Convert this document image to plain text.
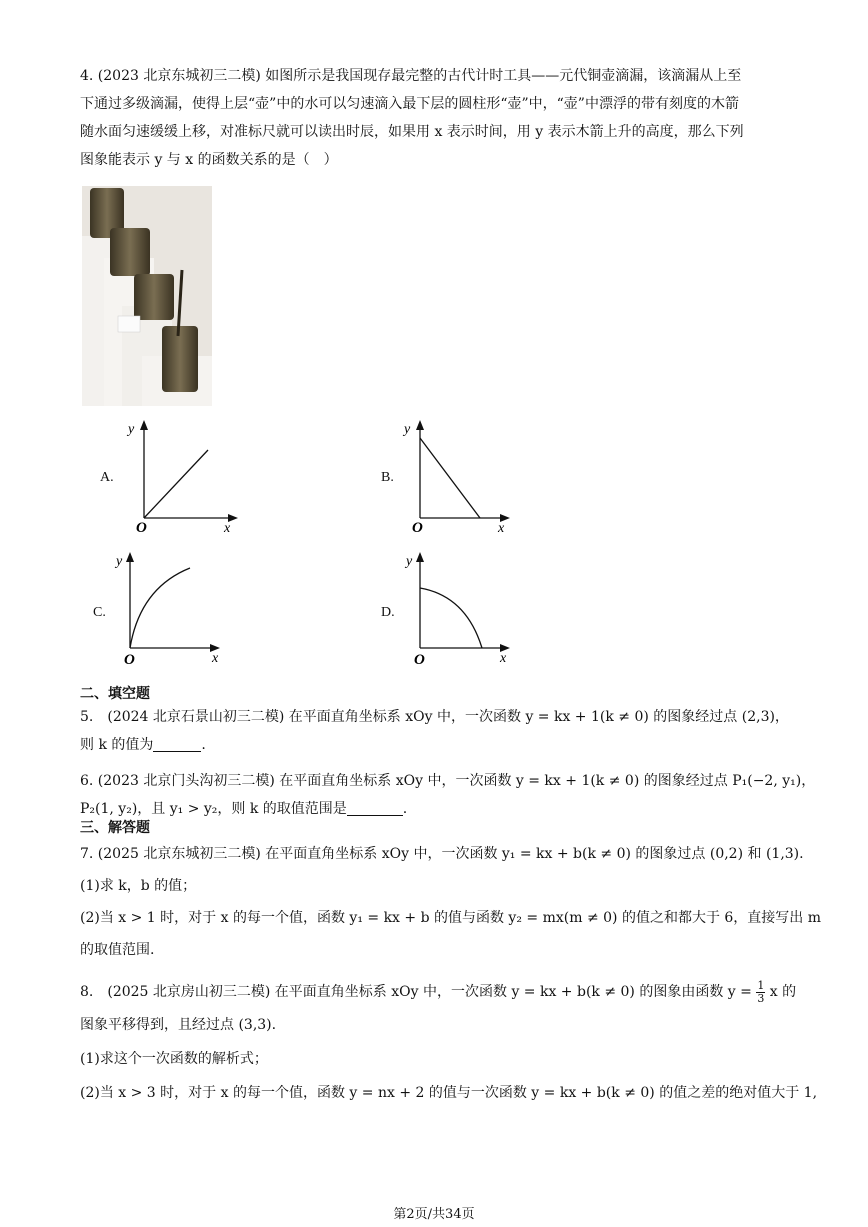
4. (2023 北京东城初三二模) 如图所示是我国现存最完整的古代计时工具——元代铜壶滴漏，该滴漏从上至
下通过多级滴漏，使得上层“壶”中的水可以匀速滴入最下层的圆柱形“壶”中，“壶”中漂浮的带有刻度的木箭
随水面匀速缓缓上移，对准标尺就可以读出时辰，如果用 x 表示时间，用 y 表示木箭上升的高度，那么下列
图象能表示 y 与 x 的函数关系的是（　）
A.
y
x
O
B.
y
x
O
C.
y
x
O
D.
y
x
O
二、填空题
5.　(2024 北京石景山初三二模) 在平面直角坐标系 xOy 中，一次函数 y = kx + 1(k ≠ 0) 的图象经过点 (2,3)，
则 k 的值为	.
6. (2023 北京门头沟初三二模) 在平面直角坐标系 xOy 中，一次函数 y = kx + 1(k ≠ 0) 的图象经过点 P₁(−2, y₁)，
P₂(1, y₂)，且 y₁ > y₂，则 k 的取值范围是	.
三、解答题
7. (2025 北京东城初三二模) 在平面直角坐标系 xOy 中，一次函数 y₁ = kx + b(k ≠ 0) 的图象过点 (0,2) 和 (1,3).
(1)求 k，b 的值；
(2)当 x > 1 时，对于 x 的每一个值，函数 y₁ = kx + b 的值与函数 y₂ = mx(m ≠ 0) 的值之和都大于 6，直接写出 m
的取值范围.
8.　(2025 北京房山初三二模) 在平面直角坐标系 xOy 中，一次函数 y = kx + b(k ≠ 0) 的图象由函数 $y = \frac{1}{3}$ x 的
图象平移得到，且经过点 (3,3).
(1)求这个一次函数的解析式；
(2)当 x > 3 时，对于 x 的每一个值，函数 y = nx + 2 的值与一次函数 y = kx + b(k ≠ 0) 的值之差的绝对值大于 1,
第2页/共34页
